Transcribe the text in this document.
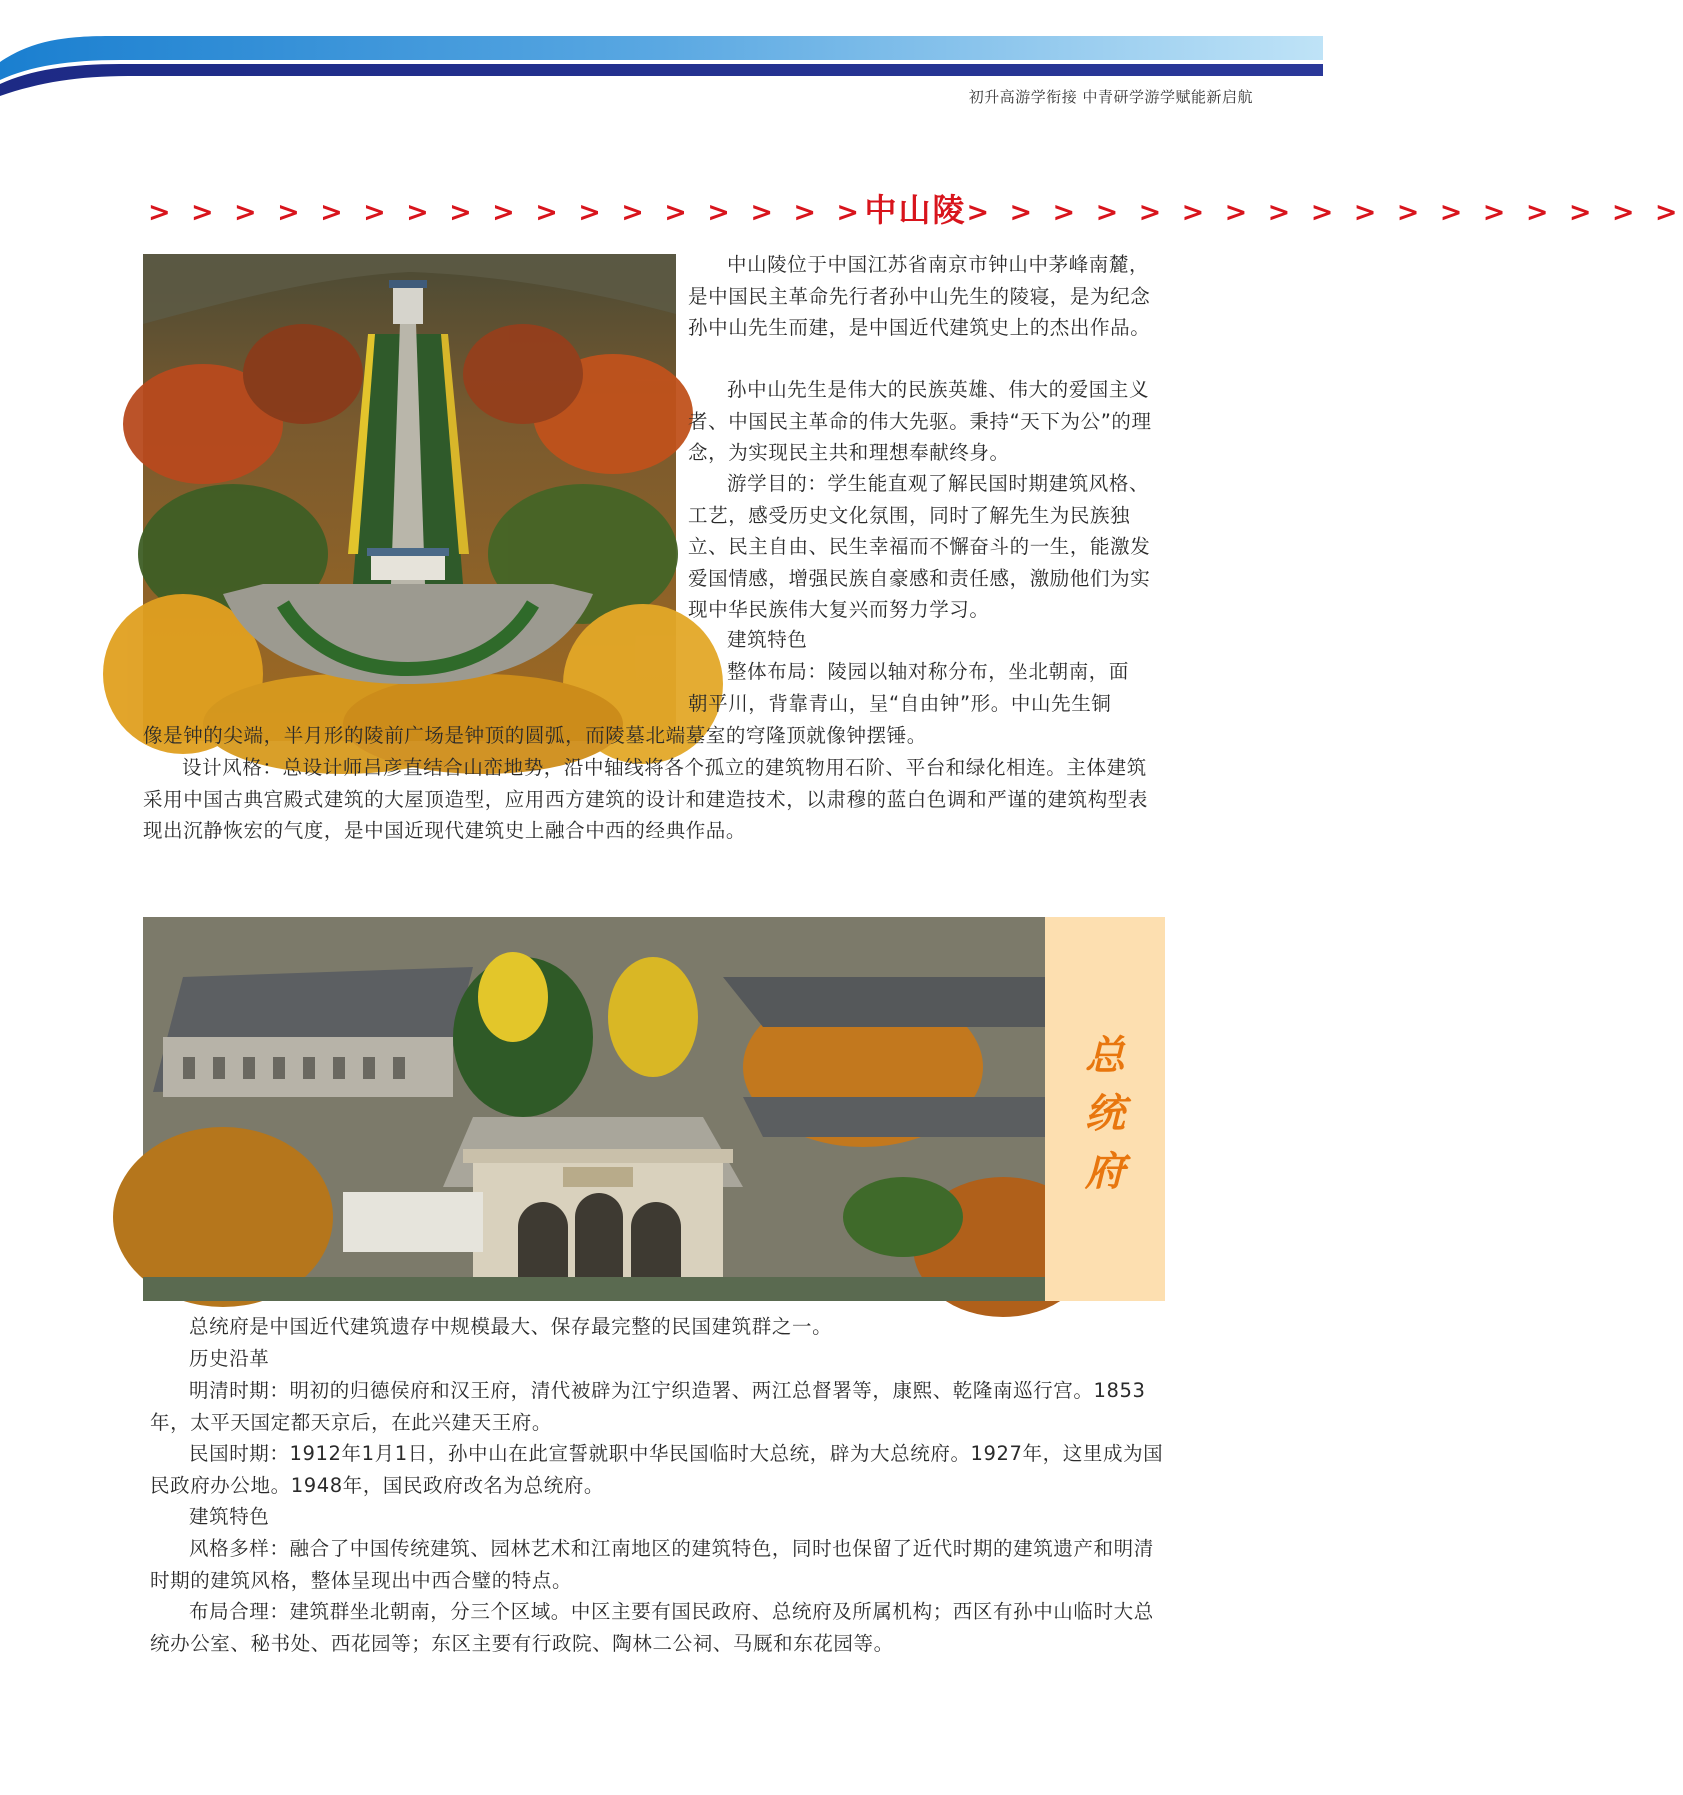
初升高游学衔接 中青研学游学赋能新启航
> > > > > > > > > > > > > > > > >中山陵> > > > > > > > > > > > > > > > >
中山陵位于中国江苏省南京市钟山中茅峰南麓，是中国民主革命先行者孙中山先生的陵寝，是为纪念孙中山先生而建，是中国近代建筑史上的杰出作品。
孙中山先生是伟大的民族英雄、伟大的爱国主义者、中国民主革命的伟大先驱。秉持“天下为公”的理念，为实现民主共和理想奉献终身。
游学目的：学生能直观了解民国时期建筑风格、工艺，感受历史文化氛围，同时了解先生为民族独立、民主自由、民生幸福而不懈奋斗的一生，能激发爱国情感，增强民族自豪感和责任感，激励他们为实现中华民族伟大复兴而努力学习。
建筑特色
整体布局：陵园以轴对称分布，坐北朝南，面
朝平川，背靠青山，呈“自由钟”形。中山先生铜
像是钟的尖端，半月形的陵前广场是钟顶的圆弧，而陵墓北端墓室的穹隆顶就像钟摆锤。
设计风格：总设计师吕彦直结合山峦地势，沿中轴线将各个孤立的建筑物用石阶、平台和绿化相连。主体建筑采用中国古典宫殿式建筑的大屋顶造型，应用西方建筑的设计和建造技术，以肃穆的蓝白色调和严谨的建筑构型表现出沉静恢宏的气度，是中国近现代建筑史上融合中西的经典作品。
总
统
府
总统府是中国近代建筑遗存中规模最大、保存最完整的民国建筑群之一。
历史沿革
明清时期：明初的归德侯府和汉王府，清代被辟为江宁织造署、两江总督署等，康熙、乾隆南巡行宫。1853年，太平天国定都天京后，在此兴建天王府。
民国时期：1912年1月1日，孙中山在此宣誓就职中华民国临时大总统，辟为大总统府。1927年，这里成为国民政府办公地。1948年，国民政府改名为总统府。
建筑特色
风格多样：融合了中国传统建筑、园林艺术和江南地区的建筑特色，同时也保留了近代时期的建筑遗产和明清时期的建筑风格，整体呈现出中西合璧的特点。
布局合理：建筑群坐北朝南，分三个区域。中区主要有国民政府、总统府及所属机构；西区有孙中山临时大总统办公室、秘书处、西花园等；东区主要有行政院、陶林二公祠、马厩和东花园等。
